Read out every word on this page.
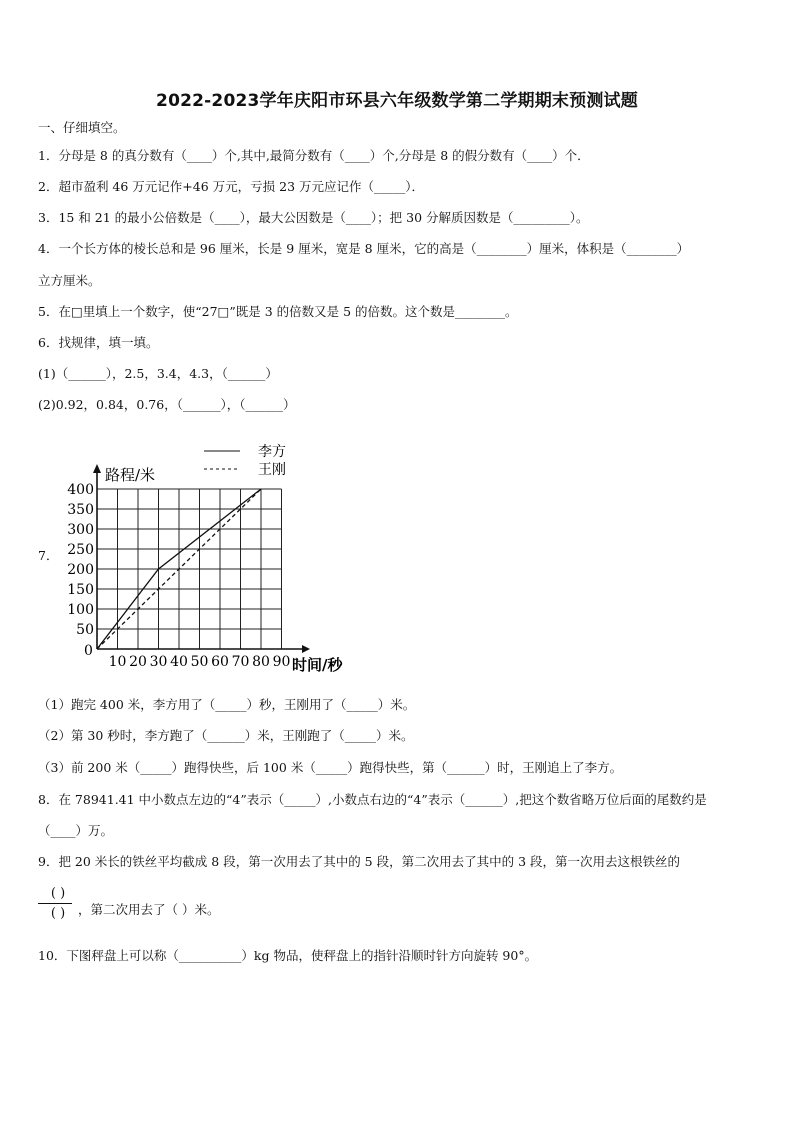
2022-2023学年庆阳市环县六年级数学第二学期期末预测试题
一、仔细填空。
1．分母是 8 的真分数有（____）个,其中,最简分数有（____）个,分母是 8 的假分数有（____）个．
2．超市盈利 46 万元记作+46 万元，亏损 23 万元应记作（_____）．
3．15 和 21 的最小公倍数是（____），最大公因数是（____）；把 30 分解质因数是（_________）。
4．一个长方体的棱长总和是 96 厘米，长是 9 厘米，宽是 8 厘米，它的高是（________）厘米，体积是（________）
立方厘米。
5．在□里填上一个数字，使“27□”既是 3 的倍数又是 5 的倍数。这个数是________。
6．找规律，填一填。
(1)（______），2.5，3.4，4.3，（______）
(2)0.92，0.84，0.76，（______），（______）
7．
10 20 30 40 50 60 70 80 90
50
100
150
200
250
300
350
400
路程/米
时间/秒
0
李方
王刚
（1）跑完 400 米，李方用了（_____）秒，王刚用了（_____）米。
（2）第 30 秒时，李方跑了（______）米，王刚跑了（_____）米。
（3）前 200 米（_____）跑得快些，后 100 米（_____）跑得快些，第（______）时，王刚追上了李方。
8．在 78941.41 中小数点左边的“4”表示（_____）,小数点右边的“4”表示（______）,把这个数省略万位后面的尾数约是
（____）万。
9．把 20 米长的铁丝平均截成 8 段，第一次用去了其中的 5 段，第二次用去了其中的 3 段，第一次用去这根铁丝的
( )
( )	，第二次用去了（ ）米。
10．下图秤盘上可以称（__________）kg 物品，使秤盘上的指针沿顺时针方向旋转 90°。
